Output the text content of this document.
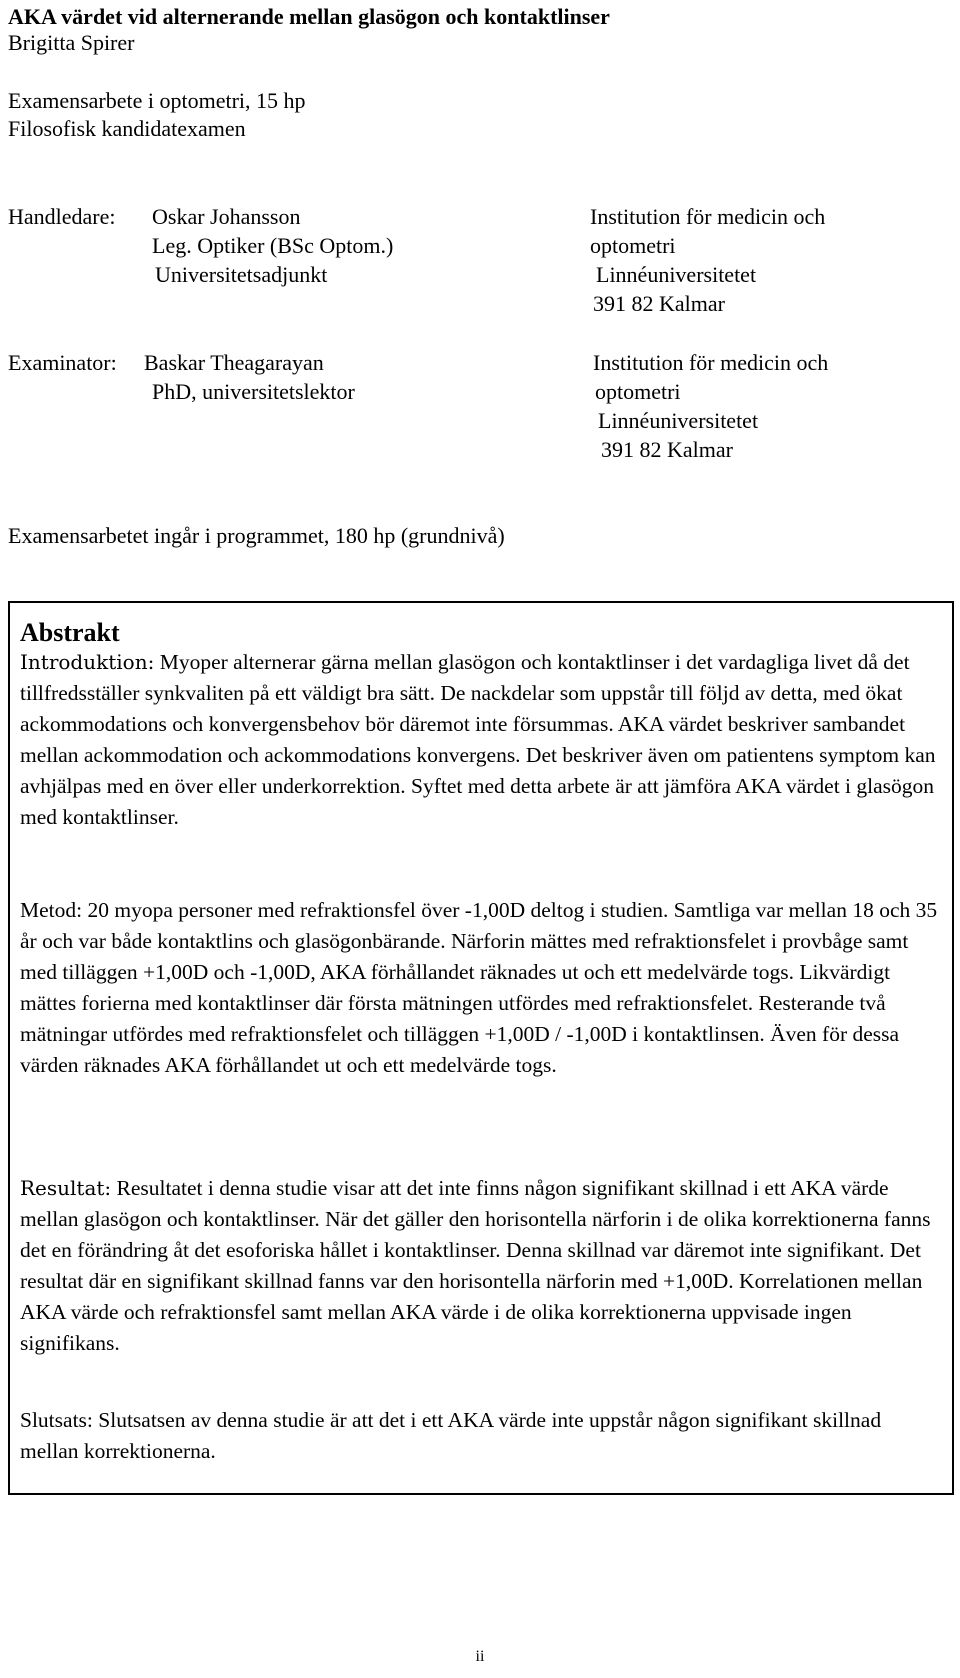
AKA värdet vid alternerande mellan glasögon och kontaktlinser
Brigitta Spirer
Examensarbete i optometri, 15 hp
Filosofisk kandidatexamen
Handledare: Oskar Johansson
Leg. Optiker (BSc Optom.)
Universitetsadjunkt
Institution för medicin och
optometri
Linnéuniversitetet
391 82 Kalmar
Examinator: Baskar Theagarayan
PhD, universitetslektor
Institution för medicin och
optometri
Linnéuniversitetet
391 82 Kalmar
Examensarbetet ingår i programmet, 180 hp (grundnivå)
Abstrakt

Introduktion: Myoper alternerar gärna mellan glasögon och kontaktlinser i det vardagliga livet då det tillfredsställer synkvaliten på ett väldigt bra sätt. De nackdelar som uppstår till följd av detta, med ökat ackommodations och konvergensbehov bör däremot inte försummas. AKA värdet beskriver sambandet mellan ackommodation och ackommodations konvergens. Det beskriver även om patientens symptom kan avhjälpas med en över eller underkorrektion. Syftet med detta arbete är att jämföra AKA värdet i glasögon med kontaktlinser.

Metod: 20 myopa personer med refraktionsfel över -1,00D deltog i studien. Samtliga var mellan 18 och 35 år och var både kontaktlins och glasögonbärande. Närforin mättes med refraktionsfelet i provbåge samt med tilläggen +1,00D och -1,00D, AKA förhållandet räknades ut och ett medelvärde togs. Likvärdigt mättes forierna med kontaktlinser där första mätningen utfördes med refraktionsfelet. Resterande två mätningar utfördes med refraktionsfelet och tilläggen +1,00D / -1,00D i kontaktlinsen. Även för dessa värden räknades AKA förhållandet ut och ett medelvärde togs.

Resultat: Resultatet i denna studie visar att det inte finns någon signifikant skillnad i ett AKA värde mellan glasögon och kontaktlinser. När det gäller den horisontella närforin i de olika korrektionerna fanns det en förändring åt det esoforiska hållet i kontaktlinser. Denna skillnad var däremot inte signifikant. Det resultat där en signifikant skillnad fanns var den horisontella närforin med +1,00D. Korrelationen mellan AKA värde och refraktionsfel samt mellan AKA värde i de olika korrektionerna uppvisade ingen signifikans.

Slutsats: Slutsatsen av denna studie är att det i ett AKA värde inte uppstår någon signifikant skillnad mellan korrektionerna.

ii
